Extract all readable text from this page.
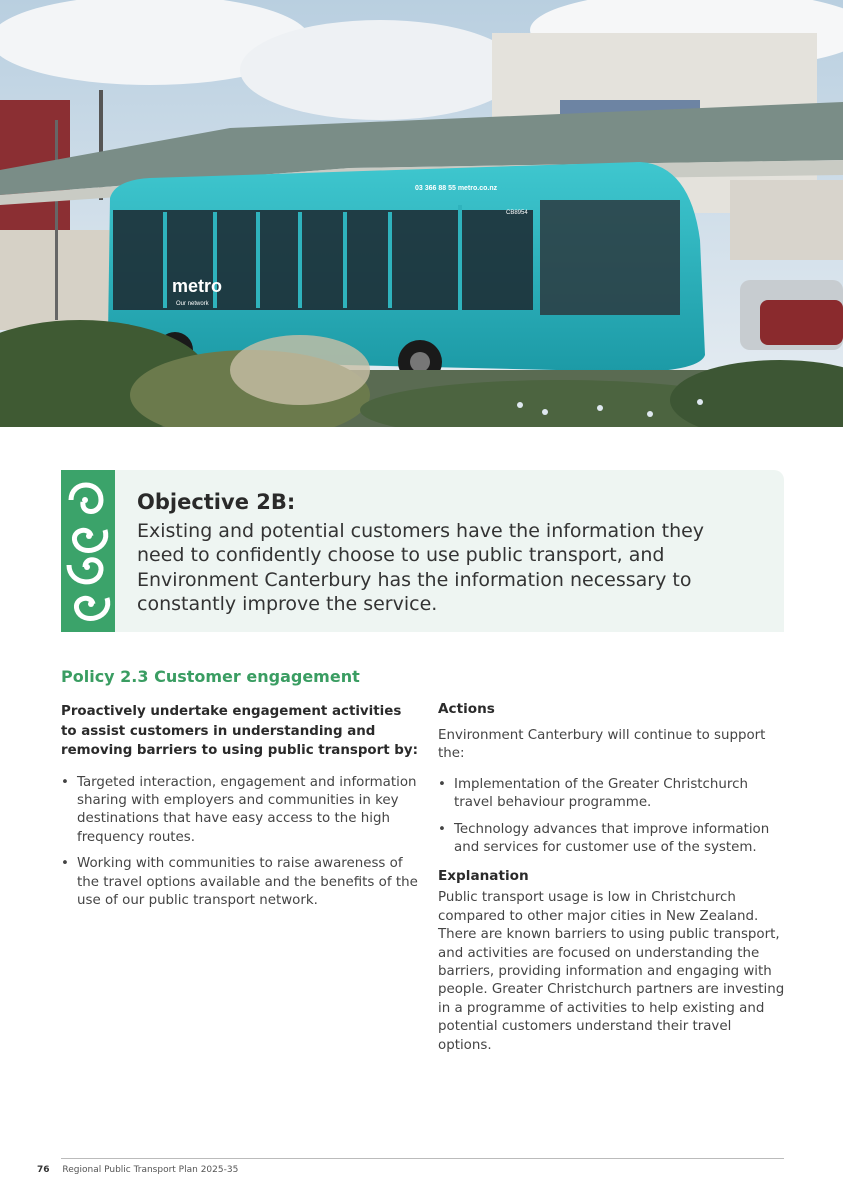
metro
Our network
03 366 88 55 metro.co.nz
CB8954
Objective 2B:
Existing and potential customers have the information they need to confidently choose to use public transport, and Environment Canterbury has the information necessary to constantly improve the service.
Policy 2.3 Customer engagement

Proactively undertake engagement activities to assist customers in understanding and removing barriers to using public transport by:

• Targeted interaction, engagement and information sharing with employers and communities in key destinations that have easy access to the high frequency routes.
• Working with communities to raise awareness of the travel options available and the benefits of the use of our public transport network.
Actions

Environment Canterbury will continue to support the:

• Implementation of the Greater Christchurch travel behaviour programme.
• Technology advances that improve information and services for customer use of the system.
Explanation

Public transport usage is low in Christchurch compared to other major cities in New Zealand. There are known barriers to using public transport, and activities are focused on understanding the barriers, providing information and engaging with people. Greater Christchurch partners are investing in a programme of activities to help existing and potential customers understand their travel options.

76 Regional Public Transport Plan 2025-35
